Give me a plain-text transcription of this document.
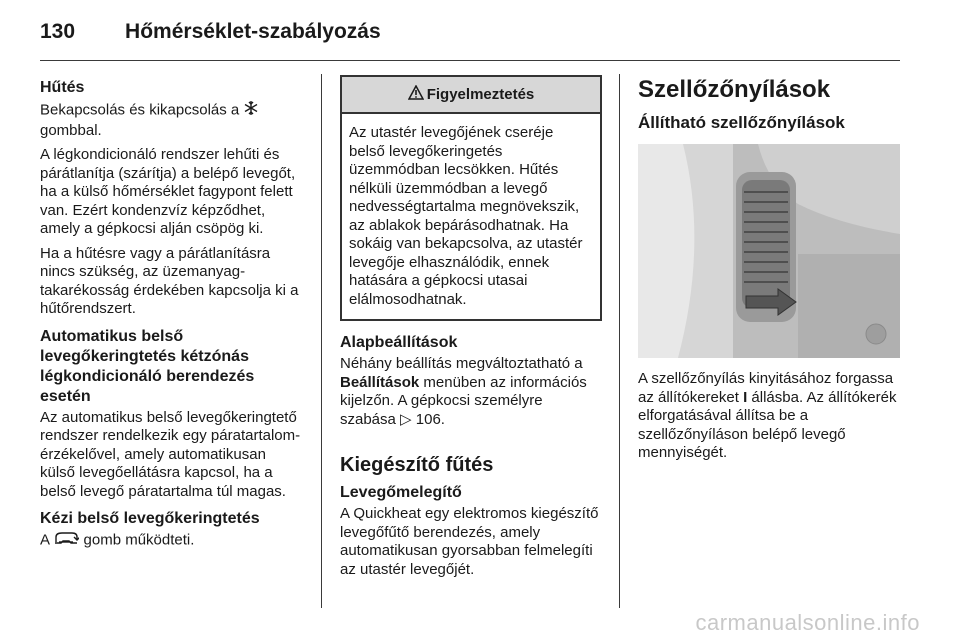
130 Hőmérséklet-szabályozás
Hűtés

Bekapcsolás és kikapcsolás a
gombbal.

A légkondicionáló rendszer lehűti és párátlanítja (szárítja) a belépő levegőt, ha a külső hőmérséklet fagypont felett van. Ezért kondenzvíz képződhet, amely a gépkocsi alján csöpög ki.

Ha a hűtésre vagy a párátlanításra nincs szükség, az üzemanyag-takarékosság érdekében kapcsolja ki a hűtőrendszert.

Automatikus belső levegőkeringtetés kétzónás légkondicionáló berendezés esetén

Az automatikus belső levegőkeringtető rendszer rendelkezik egy páratartalom-érzékelővel, amely automatikusan külső levegőellátásra kapcsol, ha a belső levegő páratartalma túl magas.

Kézi belső levegőkeringtetés

A gomb működteti.

Figyelmeztetés

Az utastér levegőjének cseréje belső levegőkeringetés üzemmódban lecsökken. Hűtés nélküli üzemmódban a levegő nedvességtartalma megnövekszik, az ablakok bepárásodhatnak. Ha sokáig van bekapcsolva, az utastér levegője elhasználódik, ennek hatására a gépkocsi utasai elálmosodhatnak.

Alapbeállítások

Néhány beállítás megváltoztatható a Beállítások menüben az információs kijelzőn. A gépkocsi személyre szabása ▷ 106.

Kiegészítő fűtés
Levegőmelegítő

A Quickheat egy elektromos kiegészítő levegőfűtő berendezés, amely automatikusan gyorsabban felmelegíti az utastér levegőjét.

Szellőzőnyílások
Állítható szellőzőnyílások

A szellőzőnyílás kinyitásához forgassa az állítókereket I állásba. Az állítókerék elforgatásával állítsa be a szellőzőnyíláson belépő levegő mennyiségét.

carmanualsonline.info
